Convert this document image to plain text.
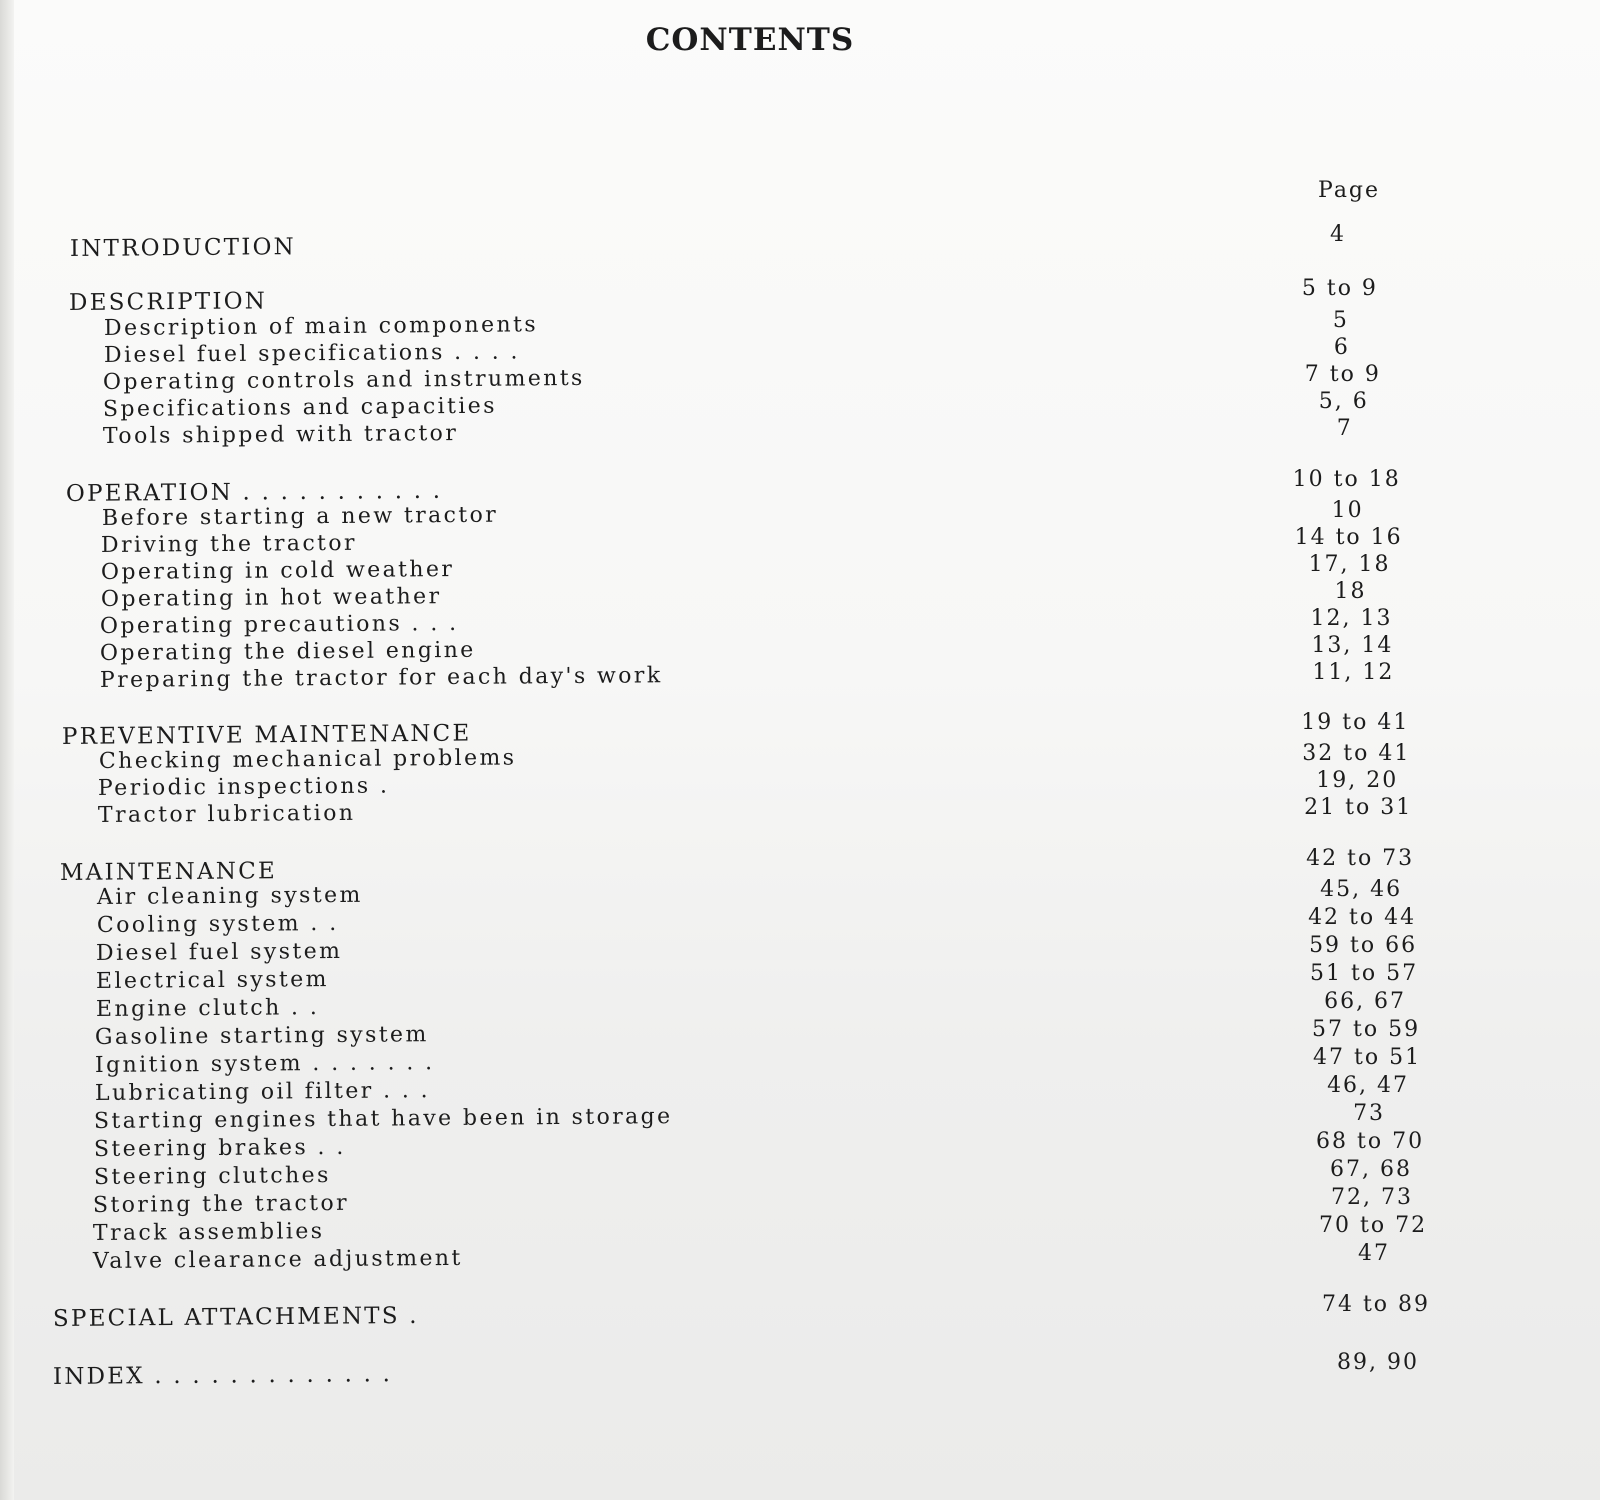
CONTENTS
Page
INTRODUCTION	4
DESCRIPTION	5 to 9
Description of main components	5
Diesel fuel specifications . . . .	6
Operating controls and instruments	7 to 9
Specifications and capacities	5, 6
Tools shipped with tractor	7
OPERATION . . . . . . . . . . .	10 to 18
Before starting a new tractor	10
Driving the tractor	14 to 16
Operating in cold weather	17, 18
Operating in hot weather	18
Operating precautions . . .	12, 13
Operating the diesel engine	13, 14
Preparing the tractor for each day's work	11, 12
PREVENTIVE MAINTENANCE	19 to 41
Checking mechanical problems	32 to 41
Periodic inspections .	19, 20
Tractor lubrication	21 to 31
MAINTENANCE	42 to 73
Air cleaning system	45, 46
Cooling system . .	42 to 44
Diesel fuel system	59 to 66
Electrical system	51 to 57
Engine clutch . .	66, 67
Gasoline starting system	57 to 59
Ignition system . . . . . . .	47 to 51
Lubricating oil filter . . .	46, 47
Starting engines that have been in storage	73
Steering brakes . .	68 to 70
Steering clutches	67, 68
Storing the tractor	72, 73
Track assemblies	70 to 72
Valve clearance adjustment	47
SPECIAL ATTACHMENTS .	74 to 89
INDEX . . . . . . . . . . . . .	89, 90
